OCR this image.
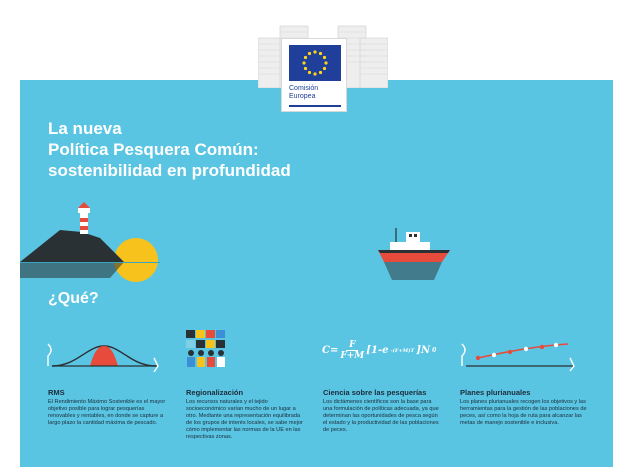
Comisión
Europea
La nueva
Política Pesquera Común:
sostenibilidad en profundidad
¿Qué?
$C= \frac{F}{F+M} [1-e$ -(F+M)T ]N 0
RMS

El Rendimiento Máximo Sostenible es el mayor objetivo posible para lograr pesquerías renovables y rentables, en donde se capture a largo plazo la cantidad máxima de pescado.

Regionalización

Los recursos naturales y el tejido socioeconómico varían mucho de un lugar a otro. Mediante una representación equilibrada de los grupos de interés locales, se sabe mejor cómo implementar las normas de la UE en las respectivas zonas.

Ciencia sobre las pesquerías

Los dictámenes científicos son la base para una formulación de políticas adecuada, ya que determinan las oportunidades de pesca según el estado y la productividad de las poblaciones de peces.

Planes plurianuales

Los planes plurianuales recogen los objetivos y las herramientas para la gestión de las poblaciones de peces, así como la hoja de ruta para alcanzar las metas de manejo sostenible e inclusiva.
